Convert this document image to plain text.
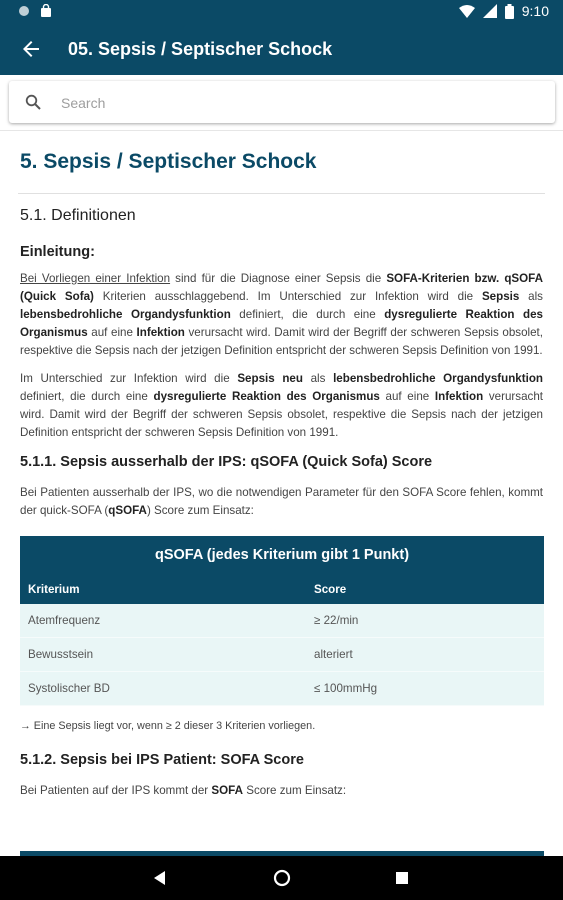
9:10
05. Sepsis / Septischer Schock
Search
5. Sepsis / Septischer Schock
5.1. Definitionen
Einleitung:

Bei Vorliegen einer Infektion sind für die Diagnose einer Sepsis die SOFA-Kriterien bzw. qSOFA (Quick Sofa) Kriterien ausschlaggebend. Im Unterschied zur Infektion wird die Sepsis als lebensbedrohliche Organdysfunktion definiert, die durch eine dysregulierte Reaktion des Organismus auf eine Infektion verursacht wird. Damit wird der Begriff der schweren Sepsis obsolet, respektive die Sepsis nach der jetzigen Definition entspricht der schweren Sepsis Definition von 1991.

Im Unterschied zur Infektion wird die Sepsis neu als lebensbedrohliche Organdysfunktion definiert, die durch eine dysregulierte Reaktion des Organismus auf eine Infektion verursacht wird. Damit wird der Begriff der schweren Sepsis obsolet, respektive die Sepsis nach der jetzigen Definition entspricht der schweren Sepsis Definition von 1991.

5.1.1. Sepsis ausserhalb der IPS: qSOFA (Quick Sofa) Score

Bei Patienten ausserhalb der IPS, wo die notwendigen Parameter für den SOFA Score fehlen, kommt der quick-SOFA (qSOFA) Score zum Einsatz:

qSOFA (jedes Kriterium gibt 1 Punkt)	
Kriterium	Score
Atemfrequenz	≥ 22/min
Bewusstsein	alteriert
Systolischer BD	≤ 100mmHg
→ Eine Sepsis liegt vor, wenn ≥ 2 dieser 3 Kriterien vorliegen.
5.1.2. Sepsis bei IPS Patient: SOFA Score

Bei Patienten auf der IPS kommt der SOFA Score zum Einsatz:
